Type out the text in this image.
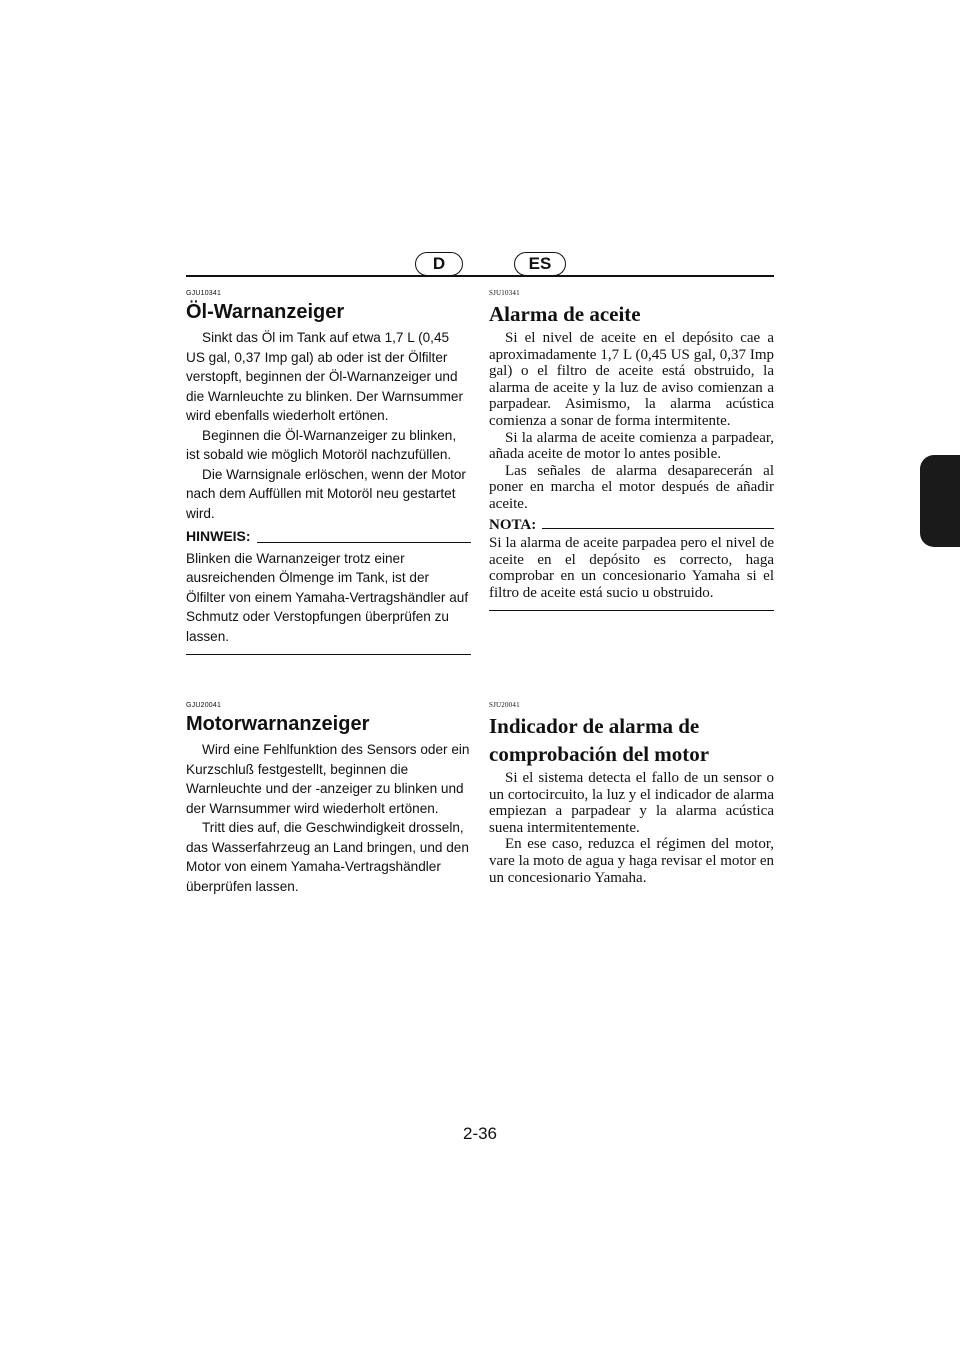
D	ES
GJU10341
Öl-Warnanzeiger

Sinkt das Öl im Tank auf etwa 1,7 L (0,45 US gal, 0,37 Imp gal) ab oder ist der Ölfilter verstopft, beginnen der Öl-Warnanzeiger und die Warnleuchte zu blinken. Der Warnsummer wird ebenfalls wiederholt ertönen.

Beginnen die Öl-Warnanzeiger zu blinken, ist sobald wie möglich Motoröl nachzufüllen.

Die Warnsignale erlöschen, wenn der Motor nach dem Auffüllen mit Motoröl neu gestartet wird.

HINWEIS:

Blinken die Warnanzeiger trotz einer ausreichenden Ölmenge im Tank, ist der Ölfilter von einem Yamaha-Vertragshändler auf Schmutz oder Verstopfungen überprüfen zu lassen.

SJU10341
Alarma de aceite

Si el nivel de aceite en el depósito cae a aproximadamente 1,7 L (0,45 US gal, 0,37 Imp gal) o el filtro de aceite está obstruido, la alarma de aceite y la luz de aviso comienzan a parpadear. Asimismo, la alarma acústica comienza a sonar de forma intermitente.

Si la alarma de aceite comienza a parpadear, añada aceite de motor lo antes posible.

Las señales de alarma desaparecerán al poner en marcha el motor después de añadir aceite.

NOTA:

Si la alarma de aceite parpadea pero el nivel de aceite en el depósito es correcto, haga comprobar en un concesionario Yamaha si el filtro de aceite está sucio u obstruido.

GJU20041
Motorwarnanzeiger

Wird eine Fehlfunktion des Sensors oder ein Kurzschluß festgestellt, beginnen die Warnleuchte und der -anzeiger zu blinken und der Warnsummer wird wiederholt ertönen.

Tritt dies auf, die Geschwindigkeit drosseln, das Wasserfahrzeug an Land bringen, und den Motor von einem Yamaha-Vertragshändler überprüfen lassen.

SJU20041
Indicador de alarma de comprobación del motor

Si el sistema detecta el fallo de un sensor o un cortocircuito, la luz y el indicador de alarma empiezan a parpadear y la alarma acústica suena intermitentemente.

En ese caso, reduzca el régimen del motor, vare la moto de agua y haga revisar el motor en un concesionario Yamaha.

2-36
